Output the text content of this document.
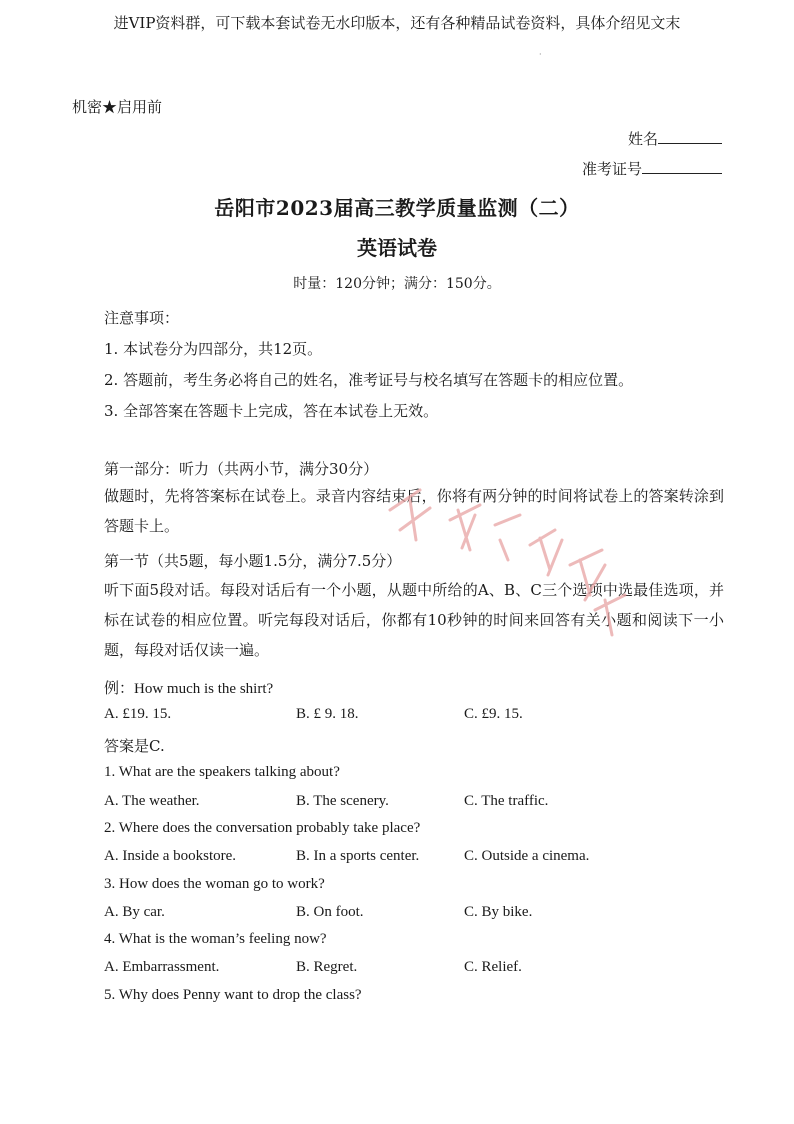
进VIP资料群，可下载本套试卷无水印版本，还有各种精品试卷资料，具体介绍见文末
·
机密★启用前
姓名
准考证号
岳阳市2023届高三教学质量监测（二）
英语试卷
时量：120分钟；满分：150分。
注意事项：
1. 本试卷分为四部分，共12页。
2. 答题前，考生务必将自己的姓名，准考证号与校名填写在答题卡的相应位置。
3. 全部答案在答题卡上完成，答在本试卷上无效。
第一部分：听力（共两小节，满分30分）
做题时，先将答案标在试卷上。录音内容结束后，你将有两分钟的时间将试卷上的答案转涂到答题卡上。
第一节（共5题，每小题1.5分，满分7.5分）
听下面5段对话。每段对话后有一个小题，从题中所给的A、B、C三个选项中选最佳选项，并标在试卷的相应位置。听完每段对话后，你都有10秒钟的时间来回答有关小题和阅读下一小题，每段对话仅读一遍。
例：How much is the shirt?
A. £19. 15.	B. £ 9. 18.	C. £9. 15.
答案是C.
1. What are the speakers talking about?
A. The weather.	B. The scenery.	C. The traffic.
2. Where does the conversation probably take place?
A. Inside a bookstore.	B. In a sports center.	C. Outside a cinema.
3. How does the woman go to work?
A. By car.	B. On foot.	C. By bike.
4. What is the woman’s feeling now?
A. Embarrassment.	B. Regret.	C. Relief.
5. Why does Penny want to drop the class?
